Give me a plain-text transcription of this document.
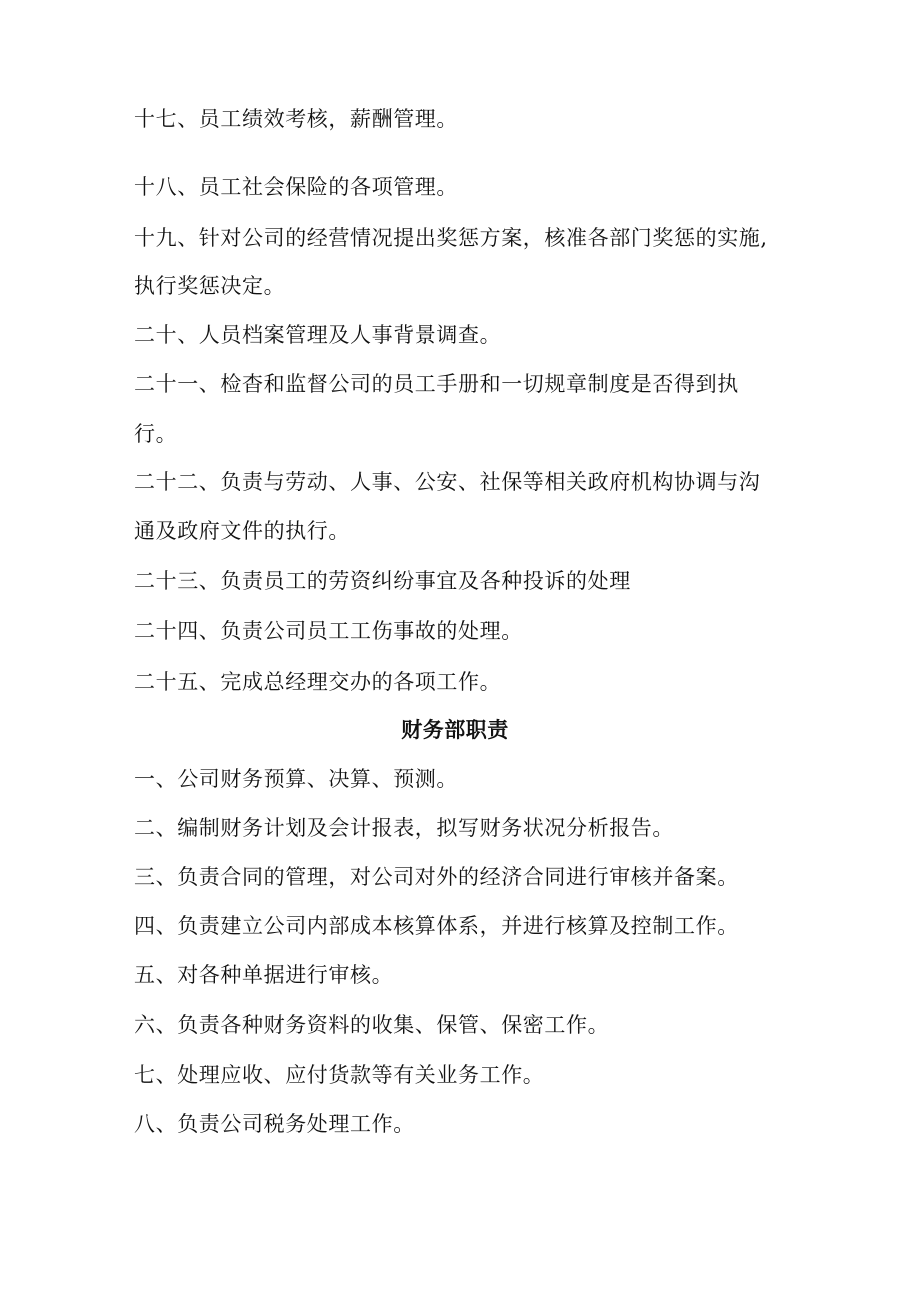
十七、员工绩效考核，薪酬管理。

十八、员工社会保险的各项管理。

十九、针对公司的经营情况提出奖惩方案，核准各部门奖惩的实施,

执行奖惩决定。

二十、人员档案管理及人事背景调查。

二十一、检杳和监督公司的员工手册和一切规章制度是否得到执

行。

二十二、负责与劳动、人事、公安、社保等相关政府机构协调与沟

通及政府文件的执行。

二十三、负责员工的劳资纠纷事宜及各种投诉的处理

二十四、负责公司员工工伤事故的处理。

二十五、完成总经理交办的各项工作。

财务部职责

一、公司财务预算、决算、预测。

二、编制财务计划及会计报表，拟写财务状况分析报告。

三、负责合同的管理，对公司对外的经济合同进行审核并备案。

四、负责建立公司内部成本核算体系，并进行核算及控制工作。

五、对各种单据进行审核。

六、负责各种财务资料的收集、保管、保密工作。

七、处理应收、应付货款等有关业务工作。

八、负责公司税务处理工作。
